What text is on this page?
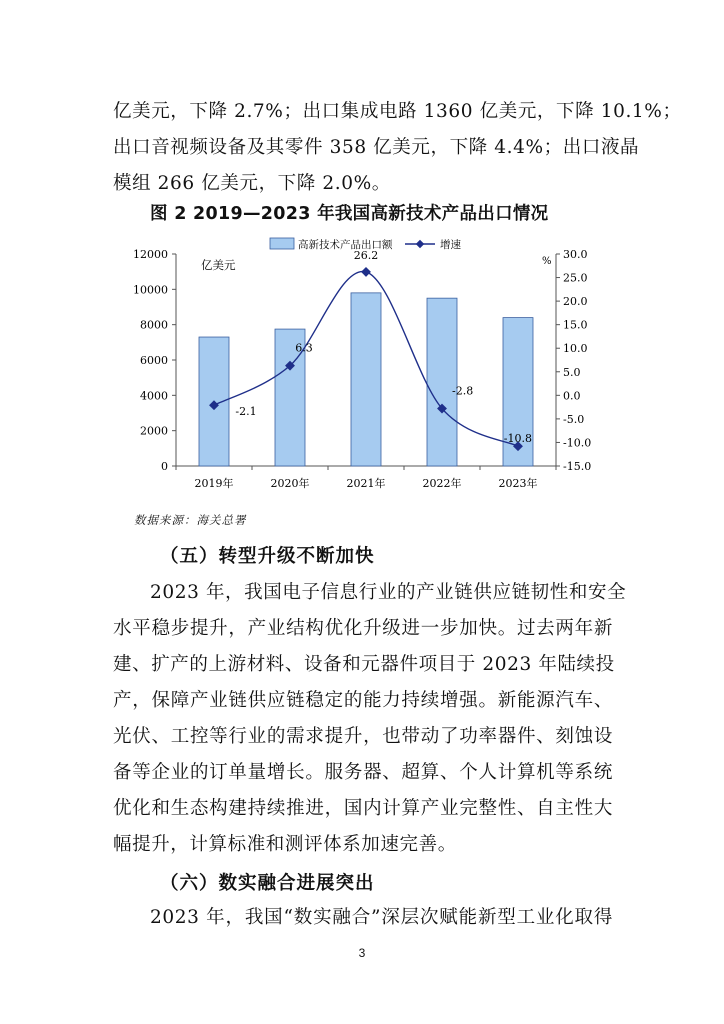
亿美元，下降 2.7%；出口集成电路 1360 亿美元，下降 10.1%；
出口音视频设备及其零件 358 亿美元，下降 4.4%；出口液晶
模组 266 亿美元，下降 2.0%。
图 2 2019—2023 年我国高新技术产品出口情况
0
2000
4000
6000
8000
10000
12000
-15.0
-10.0
-5.0
0.0
5.0
10.0
15.0
20.0
25.0
30.0
2019年	2020年	2021年	2022年	2023年
-2.1
6.3
26.2
-2.8
-10.8
亿美元	%
高新技术产品出口额	增速
数据来源：海关总署
（五）转型升级不断加快
2023 年，我国电子信息行业的产业链供应链韧性和安全
水平稳步提升，产业结构优化升级进一步加快。过去两年新
建、扩产的上游材料、设备和元器件项目于 2023 年陆续投
产，保障产业链供应链稳定的能力持续增强。新能源汽车、
光伏、工控等行业的需求提升，也带动了功率器件、刻蚀设
备等企业的订单量增长。服务器、超算、个人计算机等系统
优化和生态构建持续推进，国内计算产业完整性、自主性大
幅提升，计算标准和测评体系加速完善。
（六）数实融合进展突出
2023 年，我国“数实融合”深层次赋能新型工业化取得
3
